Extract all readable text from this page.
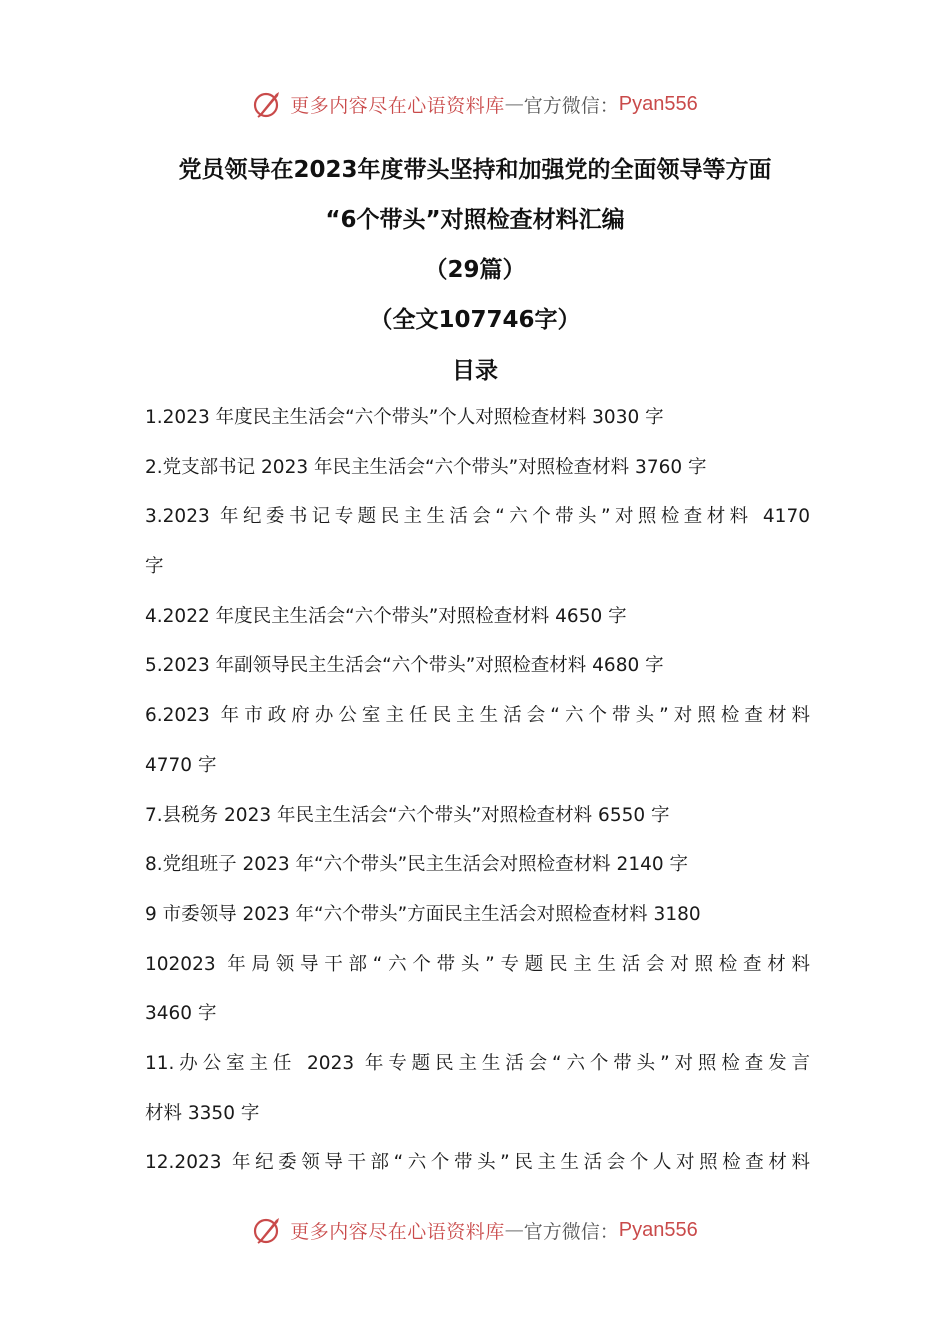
更多内容尽在心语资料库 — 官方微信： Pyan556
党员领导在2023年度带头坚持和加强党的全面领导等方面
“6个带头”对照检查材料汇编
（29篇）
（全文107746字）
目录
1.2023 年度民主生活会“六个带头”个人对照检查材料 3030 字
2.党支部书记 2023 年民主生活会“六个带头”对照检查材料 3760 字
3.2023 年纪委书记专题民主生活会“六个带头”对照检查材料 4170
字
4.2022 年度民主生活会“六个带头”对照检查材料 4650 字
5.2023 年副领导民主生活会“六个带头”对照检查材料 4680 字
6.2023 年市政府办公室主任民主生活会“六个带头”对照检查材料
4770 字
7.县税务 2023 年民主生活会“六个带头”对照检查材料 6550 字
8.党组班子 2023 年“六个带头”民主生活会对照检查材料 2140 字
9 市委领导 2023 年“六个带头”方面民主生活会对照检查材料 3180
102023 年局领导干部“六个带头”专题民主生活会对照检查材料
3460 字
11.办公室主任 2023 年专题民主生活会“六个带头”对照检查发言
材料 3350 字
12.2023 年纪委领导干部“六个带头”民主生活会个人对照检查材料
更多内容尽在心语资料库 — 官方微信： Pyan556
